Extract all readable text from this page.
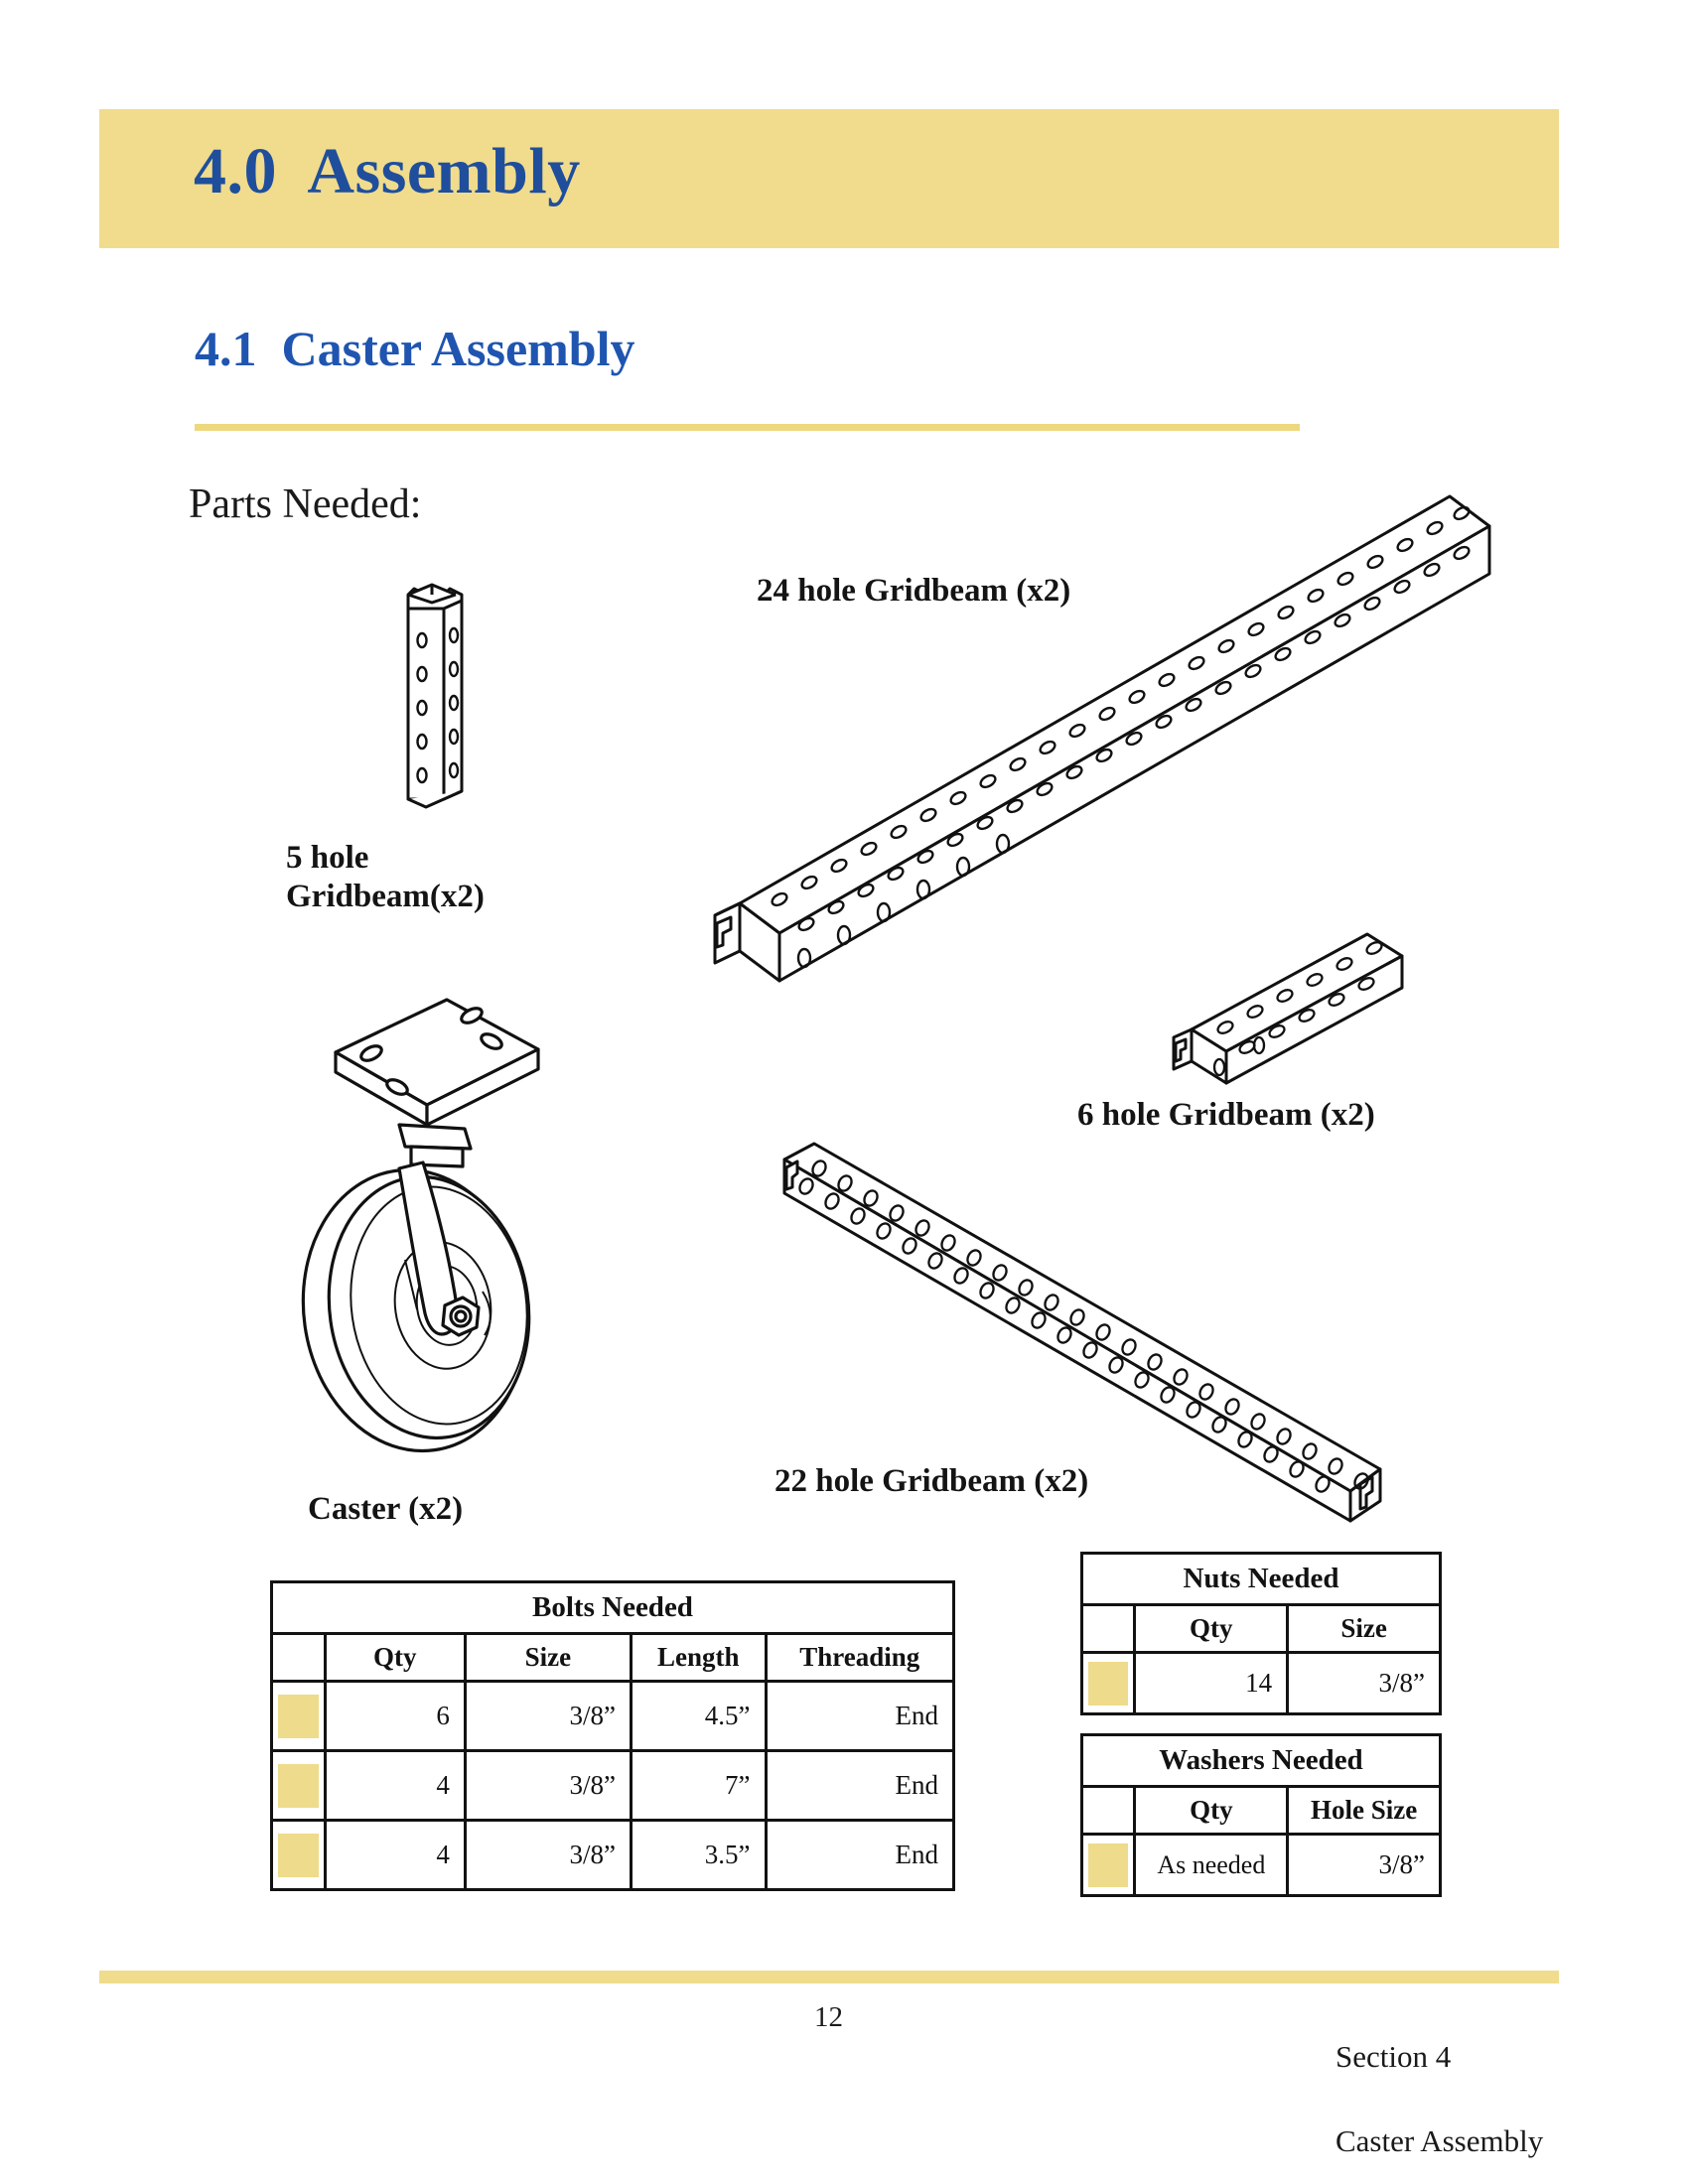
4.0  Assembly
4.1  Caster Assembly
Parts Needed:
24 hole Gridbeam (x2)
5 hole
Gridbeam(x2)
6 hole Gridbeam (x2)
22 hole Gridbeam (x2)
Caster (x2)
Bolts Needed				
	Qty	Size	Length	Threading

	6	3/8”	4.5”	End

	4	3/8”	7”	End

	4	3/8”	3.5”	End
Nuts Needed		
	Qty	Size

	14	3/8”
Washers Needed		
	Qty	Hole Size

	As needed	3/8”
12

Section 4

Caster Assembly
